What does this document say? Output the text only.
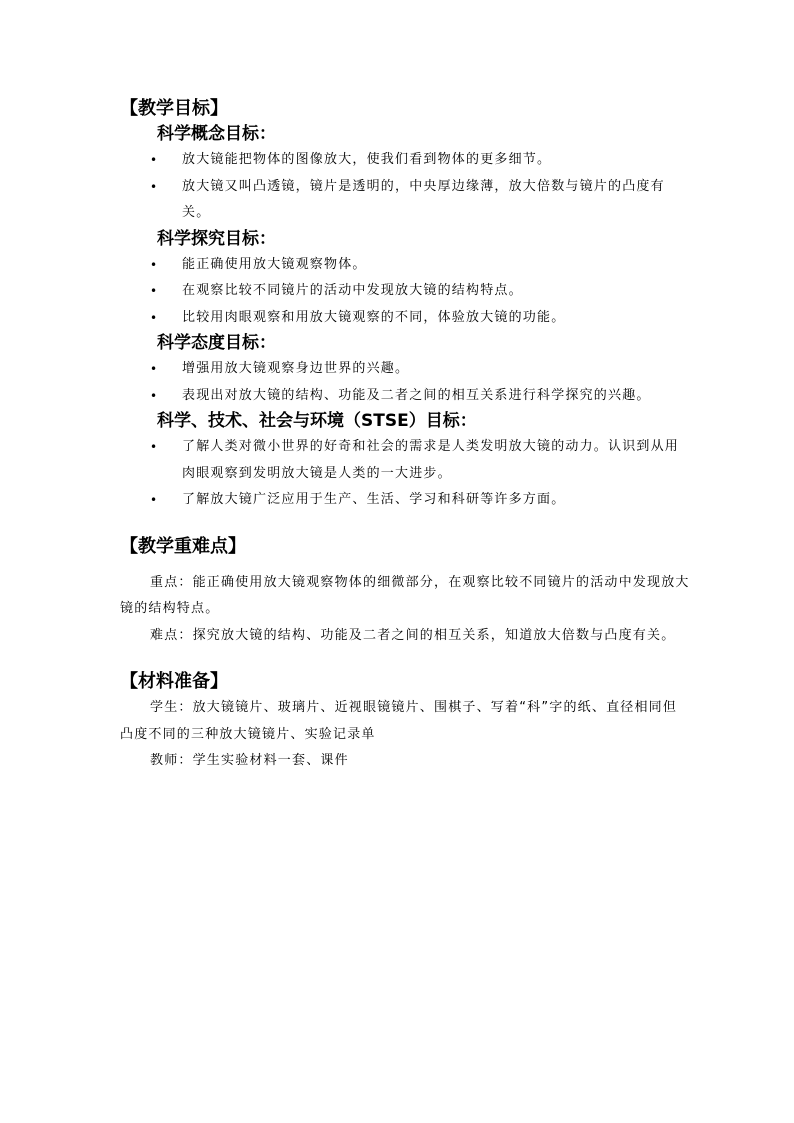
【教学目标】
科学概念目标：
• 放大镜能把物体的图像放大，使我们看到物体的更多细节。
• 放大镜又叫凸透镜，镜片是透明的，中央厚边缘薄，放大倍数与镜片的凸度有关。
科学探究目标：
• 能正确使用放大镜观察物体。
• 在观察比较不同镜片的活动中发现放大镜的结构特点。
• 比较用肉眼观察和用放大镜观察的不同，体验放大镜的功能。
科学态度目标：
• 增强用放大镜观察身边世界的兴趣。
• 表现出对放大镜的结构、功能及二者之间的相互关系进行科学探究的兴趣。
科学、技术、社会与环境（STSE）目标：
• 了解人类对微小世界的好奇和社会的需求是人类发明放大镜的动力。认识到从用肉眼观察到发明放大镜是人类的一大进步。
• 了解放大镜广泛应用于生产、生活、学习和科研等许多方面。
【教学重难点】

重点：能正确使用放大镜观察物体的细微部分，在观察比较不同镜片的活动中发现放大镜的结构特点。

难点：探究放大镜的结构、功能及二者之间的相互关系，知道放大倍数与凸度有关。

【材料准备】

学生：放大镜镜片、玻璃片、近视眼镜镜片、围棋子、写着“科”字的纸、直径相同但凸度不同的三种放大镜镜片、实验记录单

教师：学生实验材料一套、课件
